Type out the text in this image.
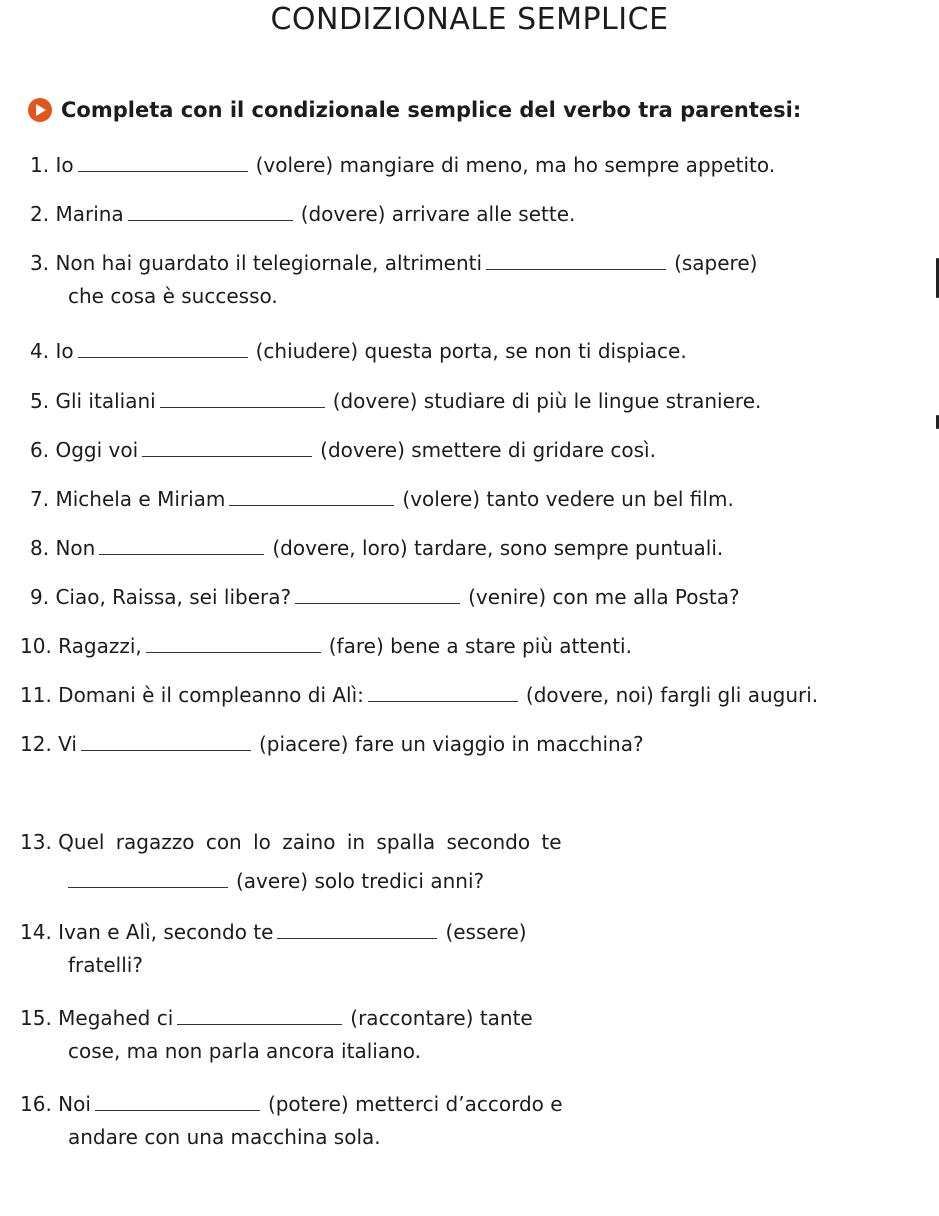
CONDIZIONALE SEMPLICE
Completa con il condizionale semplice del verbo tra parentesi:
1. Io	(volere) mangiare di meno, ma ho sempre appetito.
2. Marina	(dovere) arrivare alle sette.
3. Non hai guardato il telegiornale, altrimenti	(sapere)
che cosa è successo.
4. Io	(chiudere) questa porta, se non ti dispiace.
5. Gli italiani	(dovere) studiare di più le lingue straniere.
6. Oggi voi	(dovere) smettere di gridare così.
7. Michela e Miriam	(volere) tanto vedere un bel film.
8. Non	(dovere, loro) tardare, sono sempre puntuali.
9. Ciao, Raissa, sei libera?	(venire) con me alla Posta?
10. Ragazzi,	(fare) bene a stare più attenti.
11. Domani è il compleanno di Alì:	(dovere, noi) fargli gli auguri.
12. Vi	(piacere) fare un viaggio in macchina?
13. Quel ragazzo con lo zaino in spalla secondo te
(avere) solo tredici anni?
14. Ivan e Alì, secondo te	(essere)
fratelli?
15. Megahed ci	(raccontare) tante
cose, ma non parla ancora italiano.
16. Noi	(potere) metterci d’accordo e
andare con una macchina sola.
